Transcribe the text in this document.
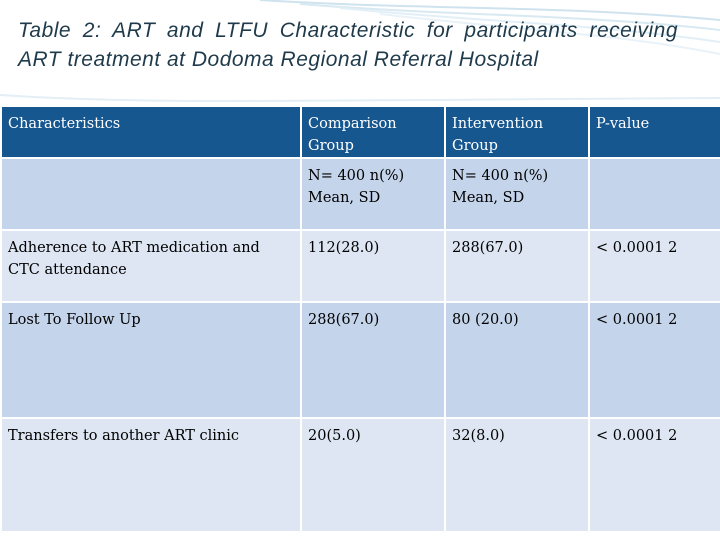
Table 2: ART and LTFU Characteristic for participants receiving ART treatment at Dodoma Regional Referral Hospital
Characteristics	Comparison Group	Intervention Group	P-value
	N= 400 n(%) Mean, SD	N= 400 n(%) Mean, SD	
Adherence to ART medication and CTC attendance	112(28.0)	288(67.0)	< 0.0001 2
Lost To Follow Up	288(67.0)	80 (20.0)	< 0.0001 2
Transfers to another ART clinic	20(5.0)	32(8.0)	< 0.0001 2
